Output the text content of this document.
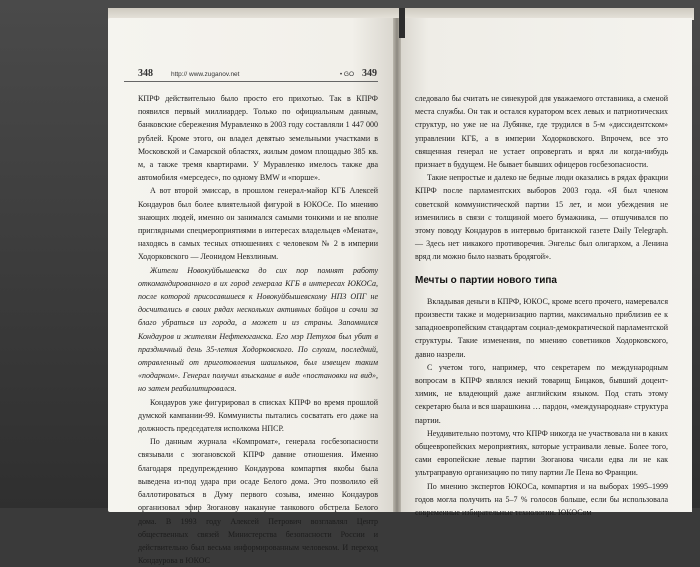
348	http:// www.zuganov.net	• GO 349

КПРФ действительно было просто его прихотью. Так в КПРФ появился первый миллиардер. Только по официальным данным, банковские сбережения Муравленко в 2003 году составляли 1 447 000 рублей. Кроме этого, он владел девятью земельными участками в Московской и Самарской областях, жилым домом площадью 385 кв. м, а также тремя квартирами. У Муравленко имелось также два автомобиля «мерседес», по одному BMW и «порше».

А вот второй эмиссар, в прошлом генерал-майор КГБ Алексей Кондауров был более влиятельной фигурой в ЮКОСе. По мнению знающих людей, именно он занимался самыми тонкими и не вполне приглядными спецмероприятиями в интересах владельцев «Мената», находясь в самых тесных отношениях с человеком № 2 в империи Ходорковского — Леонидом Невзлиным.

Жители Новокуйбышевска до сих пор помнят работу откомандированного в их город генерала КГБ в интересах ЮКОСа, после которой присосавшиеся к Новокуйбышевскому НПЗ ОПГ не досчитались в своих рядах нескольких активных бойцов и сочли за благо убраться из города, а может и из страны. Запомнился Кондауров и жителям Нефтеюганска. Его мэр Петухов был убит в праздничный день 35-летия Ходорковского. По слухам, последний, отравленный от приготовления шашлыков, был извещен таким «подарком». Генерал получил взыскание в виде «постановки на вид», но затем реабилитировался.

Кондауров уже фигурировал в списках КПРФ во время прошлой думской кампании-99. Коммунисты пытались сосватать его даже на должность председателя исполкома НПСР.

По данным журнала «Компромат», генерала госбезопасности связывали с зюгановской КПРФ давние отношения. Именно благодаря предупреждению Кондаурова компартия якобы была выведена из-под удара при осаде Белого дома. Это позволило ей баллотироваться в Думу первого созыва, именно Кондауров организовал эфир Зюганову накануне танкового обстрела Белого дома. В 1993 году Алексей Петрович возглавлял Центр общественных связей Министерства безопасности России и действительно был весьма информированным человеком. И переход Кондаурова в ЮКОС

следовало бы считать не синекурой для уважаемого отставника, а сменой места службы. Он так и остался куратором всех левых и патриотических структур, но уже не на Лубянке, где трудился в 5-м «диссидентском» управлении КГБ, а в империи Ходорковского. Впрочем, все это священная генерал не устает опровергать и врял ли когда-нибудь признает в будущем. Не бывает бывших офицеров госбезопасности.

Такие непростые и далеко не бедные люди оказались в рядах фракции КПРФ после парламентских выборов 2003 года. «Я был членом советской коммунистической партии 15 лет, и мои убеждения не изменились в связи с толщиной моего бумажника, — отшучивался по этому поводу Кондауров в интервью британской газете Daily Telegraph. — Здесь нет никакого противоречия. Энгельс был олигархом, а Ленина вряд ли можно было назвать бродягой».

Мечты о партии нового типа

Вкладывая деньги в КПРФ, ЮКОС, кроме всего прочего, намеревался произвести также и модернизацию партии, максимально приблизив ее к западноевропейским стандартам социал-демократической парламентской структуры. Такие изменения, по мнению советников Ходорковского, давно назрели.

С учетом того, например, что секретарем по международным вопросам в КПРФ являлся некий товарищ Бицаков, бывший доцент-химик, не владеющий даже английским языком. Под стать этому секретарю была и вся шарашкина … пардон, «международная» структура партии.

Неудивительно поэтому, что КПРФ никогда не участвовала ни в каких общеевропейских мероприятиях, которые устраивали левые. Более того, сами европейские левые партии Зюганова чисали едва ли не как ультраправую организацию по типу партии Ле Пена во Франции.

По мнению экспертов ЮКОСа, компартия и на выборах 1995–1999 годов могла получить на 5–7 % голосов больше, если бы использовала современные избирательные технологии. ЮКОСом
